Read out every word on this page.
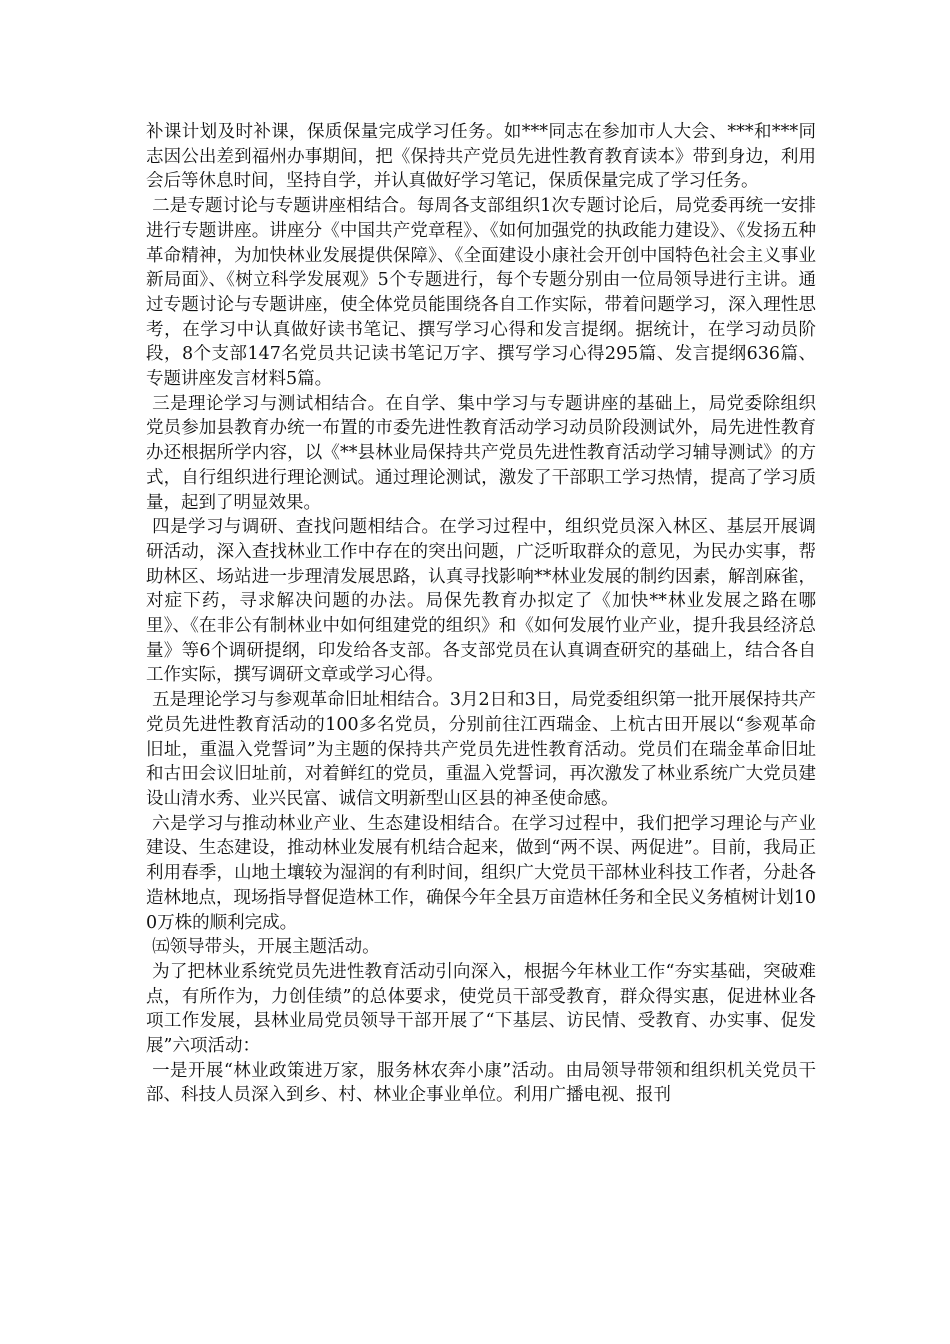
补课计划及时补课，保质保量完成学习任务。如***同志在参加市人大会、***和***同志因公出差到福州办事期间，把《保持共产党员先进性教育教育读本》带到身边，利用会后等休息时间，坚持自学，并认真做好学习笔记，保质保量完成了学习任务。

二是专题讨论与专题讲座相结合。每周各支部组织1次专题讨论后，局党委再统一安排进行专题讲座。讲座分《中国共产党章程》、《如何加强党的执政能力建设》、《发扬五种革命精神，为加快林业发展提供保障》、《全面建设小康社会开创中国特色社会主义事业新局面》、《树立科学发展观》5个专题进行，每个专题分别由一位局领导进行主讲。通过专题讨论与专题讲座，使全体党员能围绕各自工作实际，带着问题学习，深入理性思考，在学习中认真做好读书笔记、撰写学习心得和发言提纲。据统计，在学习动员阶段，8个支部147名党员共记读书笔记万字、撰写学习心得295篇、发言提纲636篇、专题讲座发言材料5篇。

三是理论学习与测试相结合。在自学、集中学习与专题讲座的基础上，局党委除组织党员参加县教育办统一布置的市委先进性教育活动学习动员阶段测试外，局先进性教育办还根据所学内容，以《**县林业局保持共产党员先进性教育活动学习辅导测试》的方式，自行组织进行理论测试。通过理论测试，激发了干部职工学习热情，提高了学习质量，起到了明显效果。

四是学习与调研、查找问题相结合。在学习过程中，组织党员深入林区、基层开展调研活动，深入查找林业工作中存在的突出问题，广泛听取群众的意见，为民办实事，帮助林区、场站进一步理清发展思路，认真寻找影响**林业发展的制约因素，解剖麻雀，对症下药，寻求解决问题的办法。局保先教育办拟定了《加快**林业发展之路在哪里》、《在非公有制林业中如何组建党的组织》和《如何发展竹业产业，提升我县经济总量》等6个调研提纲，印发给各支部。各支部党员在认真调查研究的基础上，结合各自工作实际，撰写调研文章或学习心得。

五是理论学习与参观革命旧址相结合。3月2日和3日，局党委组织第一批开展保持共产党员先进性教育活动的100多名党员，分别前往江西瑞金、上杭古田开展以“参观革命旧址，重温入党誓词”为主题的保持共产党员先进性教育活动。党员们在瑞金革命旧址和古田会议旧址前，对着鲜红的党员，重温入党誓词，再次激发了林业系统广大党员建设山清水秀、业兴民富、诚信文明新型山区县的神圣使命感。

六是学习与推动林业产业、生态建设相结合。在学习过程中，我们把学习理论与产业建设、生态建设，推动林业发展有机结合起来，做到“两不误、两促进”。目前，我局正利用春季，山地土壤较为湿润的有利时间，组织广大党员干部林业科技工作者，分赴各造林地点，现场指导督促造林工作，确保今年全县万亩造林任务和全民义务植树计划100万株的顺利完成。

㈤领导带头，开展主题活动。

为了把林业系统党员先进性教育活动引向深入，根据今年林业工作“夯实基础，突破难点，有所作为，力创佳绩”的总体要求，使党员干部受教育，群众得实惠，促进林业各项工作发展，县林业局党员领导干部开展了“下基层、访民情、受教育、办实事、促发展”六项活动：

一是开展“林业政策进万家，服务林农奔小康”活动。由局领导带领和组织机关党员干部、科技人员深入到乡、村、林业企事业单位。利用广播电视、报刊
